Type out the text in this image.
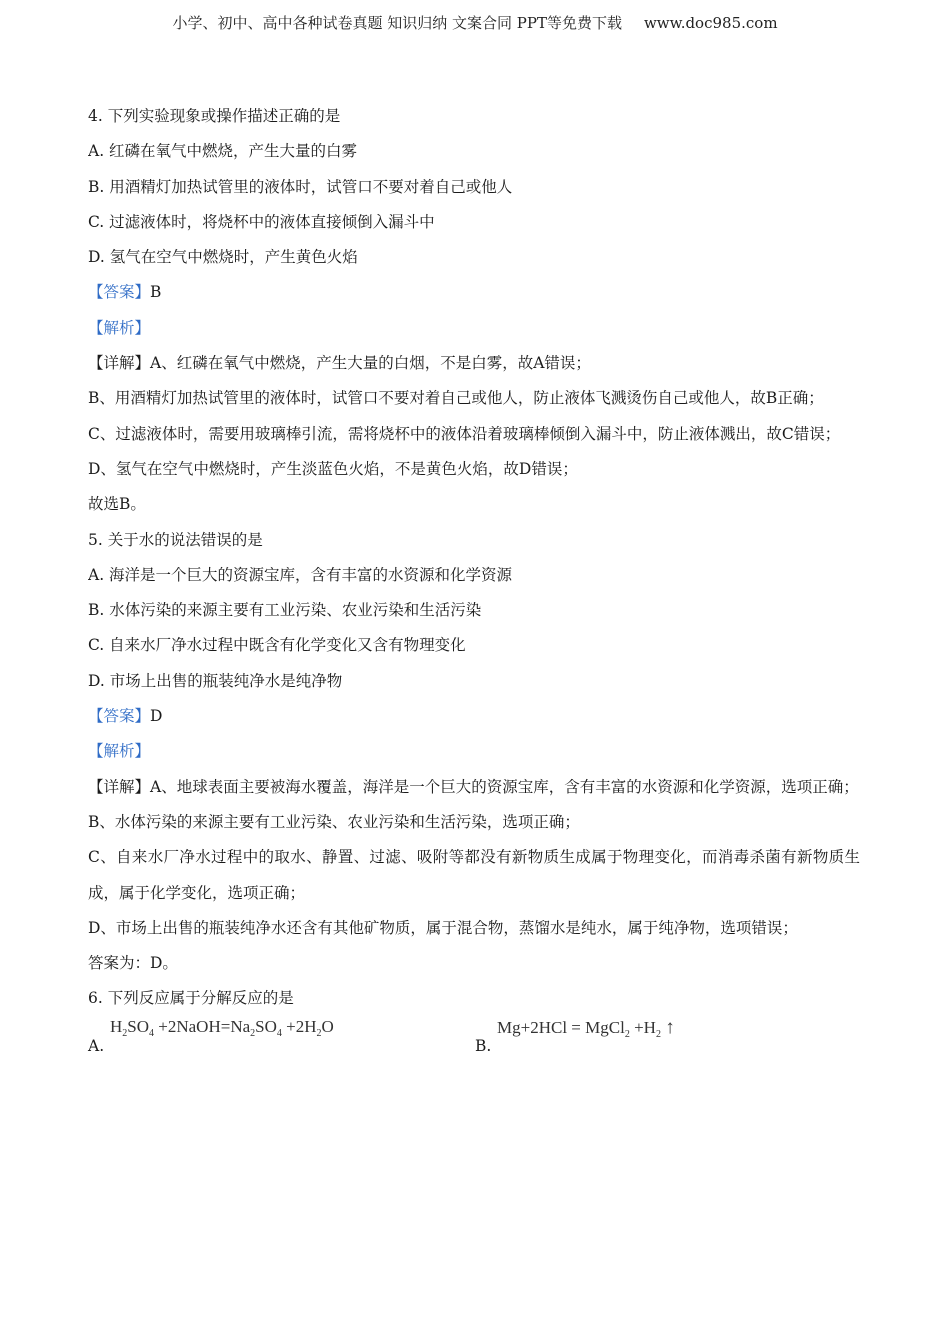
小学、初中、高中各种试卷真题 知识归纳 文案合同 PPT等免费下载 www.doc985.com
4. 下列实验现象或操作描述正确的是
A. 红磷在氧气中燃烧，产生大量的白雾
B. 用酒精灯加热试管里的液体时，试管口不要对着自己或他人
C. 过滤液体时，将烧杯中的液体直接倾倒入漏斗中
D. 氢气在空气中燃烧时，产生黄色火焰
【答案】B
【解析】
【详解】A、红磷在氧气中燃烧，产生大量的白烟，不是白雾，故A错误；
B、用酒精灯加热试管里的液体时，试管口不要对着自己或他人，防止液体飞溅烫伤自己或他人，故B正确；
C、过滤液体时，需要用玻璃棒引流，需将烧杯中的液体沿着玻璃棒倾倒入漏斗中，防止液体溅出，故C错误；
D、氢气在空气中燃烧时，产生淡蓝色火焰，不是黄色火焰，故D错误；
故选B。
5. 关于水的说法错误的是
A. 海洋是一个巨大的资源宝库，含有丰富的水资源和化学资源
B. 水体污染的来源主要有工业污染、农业污染和生活污染
C. 自来水厂净水过程中既含有化学变化又含有物理变化
D. 市场上出售的瓶装纯净水是纯净物
【答案】D
【解析】
【详解】A、地球表面主要被海水覆盖，海洋是一个巨大的资源宝库，含有丰富的水资源和化学资源，选项正确；
B、水体污染的来源主要有工业污染、农业污染和生活污染，选项正确；
C、自来水厂净水过程中的取水、静置、过滤、吸附等都没有新物质生成属于物理变化，而消毒杀菌有新物质生成，属于化学变化，选项正确；
D、市场上出售的瓶装纯净水还含有其他矿物质，属于混合物，蒸馏水是纯水，属于纯净物，选项错误；
答案为：D。
6. 下列反应属于分解反应的是
A.
$H_2SO_4$ $+2NaOH=Na_2SO_4 +2H_2O$
B.
Mg+2HCl = MgCl$_2$ $+H_2$ ↑
